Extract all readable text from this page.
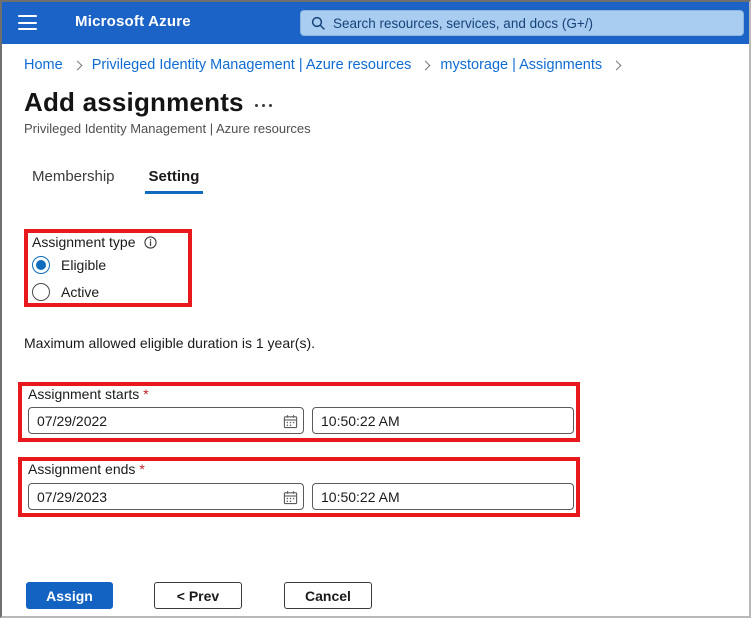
Microsoft Azure
Search resources, services, and docs (G+/)
Home Privileged Identity Management | Azure resources mystorage | Assignments
Add assignments
Privileged Identity Management | Azure resources
Membership Setting
Assignment type
Eligible
Active
Maximum allowed eligible duration is 1 year(s).
Assignment starts *
07/29/2022
10:50:22 AM
Assignment ends *
07/29/2023
10:50:22 AM
Assign	< Prev	Cancel
